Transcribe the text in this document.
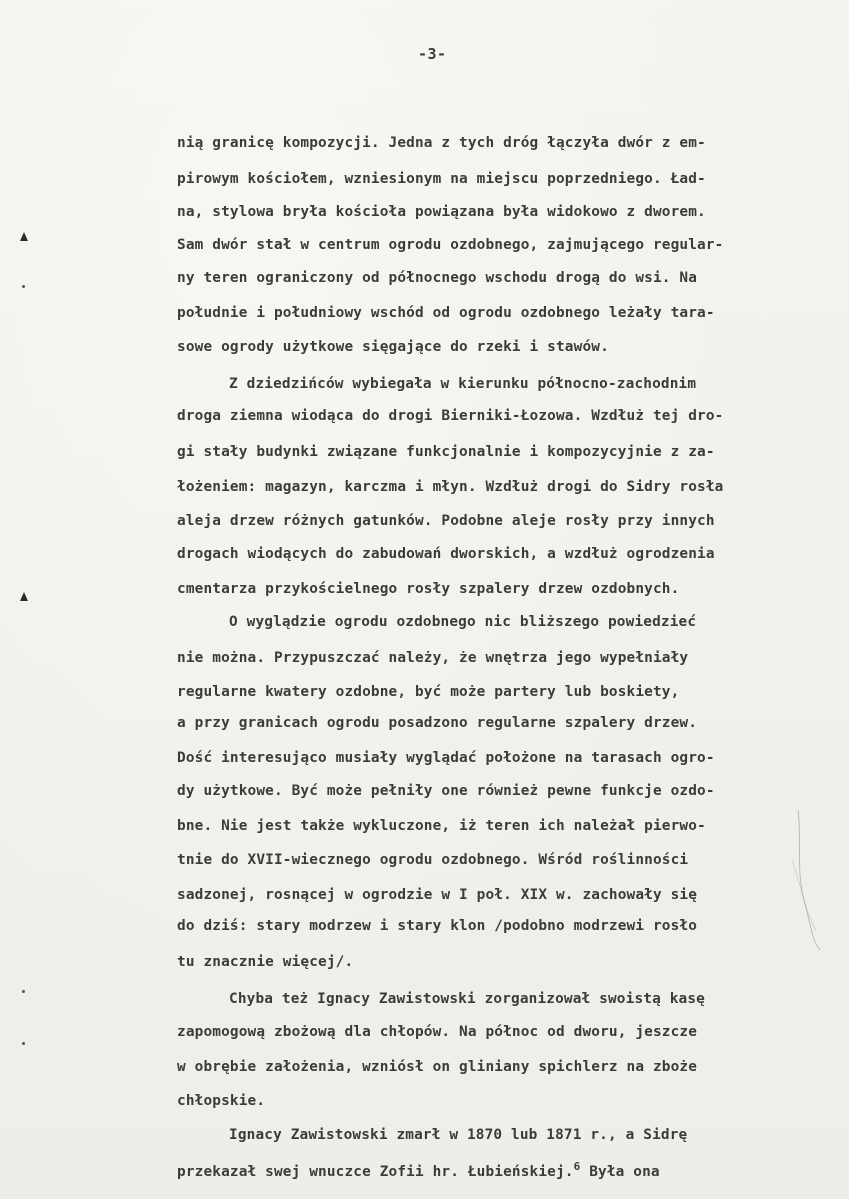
-3-
nią granicę kompozycji. Jedna z tych dróg łączyła dwór z em-
pirowym kościołem, wzniesionym na miejscu poprzedniego. Ład-
na, stylowa bryła kościoła powiązana była widokowo z dworem.
Sam dwór stał w centrum ogrodu ozdobnego, zajmującego regular-
ny teren ograniczony od północnego wschodu drogą do wsi. Na
południe i południowy wschód od ogrodu ozdobnego leżały tara-
sowe ogrody użytkowe sięgające do rzeki i stawów.
Z dziedzińców wybiegała w kierunku północno-zachodnim
droga ziemna wiodąca do drogi Bierniki-Łozowa. Wzdłuż tej dro-
gi stały budynki związane funkcjonalnie i kompozycyjnie z za-
łożeniem: magazyn, karczma i młyn. Wzdłuż drogi do Sidry rosła
aleja drzew różnych gatunków. Podobne aleje rosły przy innych
drogach wiodących do zabudowań dworskich, a wzdłuż ogrodzenia
cmentarza przykościelnego rosły szpalery drzew ozdobnych.
O wyglądzie ogrodu ozdobnego nic bliższego powiedzieć
nie można. Przypuszczać należy, że wnętrza jego wypełniały
regularne kwatery ozdobne, być może partery lub boskiety,
a przy granicach ogrodu posadzono regularne szpalery drzew.
Dość interesująco musiały wyglądać położone na tarasach ogro-
dy użytkowe. Być może pełniły one również pewne funkcje ozdo-
bne. Nie jest także wykluczone, iż teren ich należał pierwo-
tnie do XVII-wiecznego ogrodu ozdobnego. Wśród roślinności
sadzonej, rosnącej w ogrodzie w I poł. XIX w. zachowały się
do dziś: stary modrzew i stary klon /podobno modrzewi rosło
tu znacznie więcej/.
Chyba też Ignacy Zawistowski zorganizował swoistą kasę
zapomogową zbożową dla chłopów. Na północ od dworu, jeszcze
w obrębie założenia, wzniósł on gliniany spichlerz na zboże
chłopskie.
Ignacy Zawistowski zmarł w 1870 lub 1871 r., a Sidrę
przekazał swej wnuczce Zofii hr. Łubieńskiej.$^6$ Była ona
